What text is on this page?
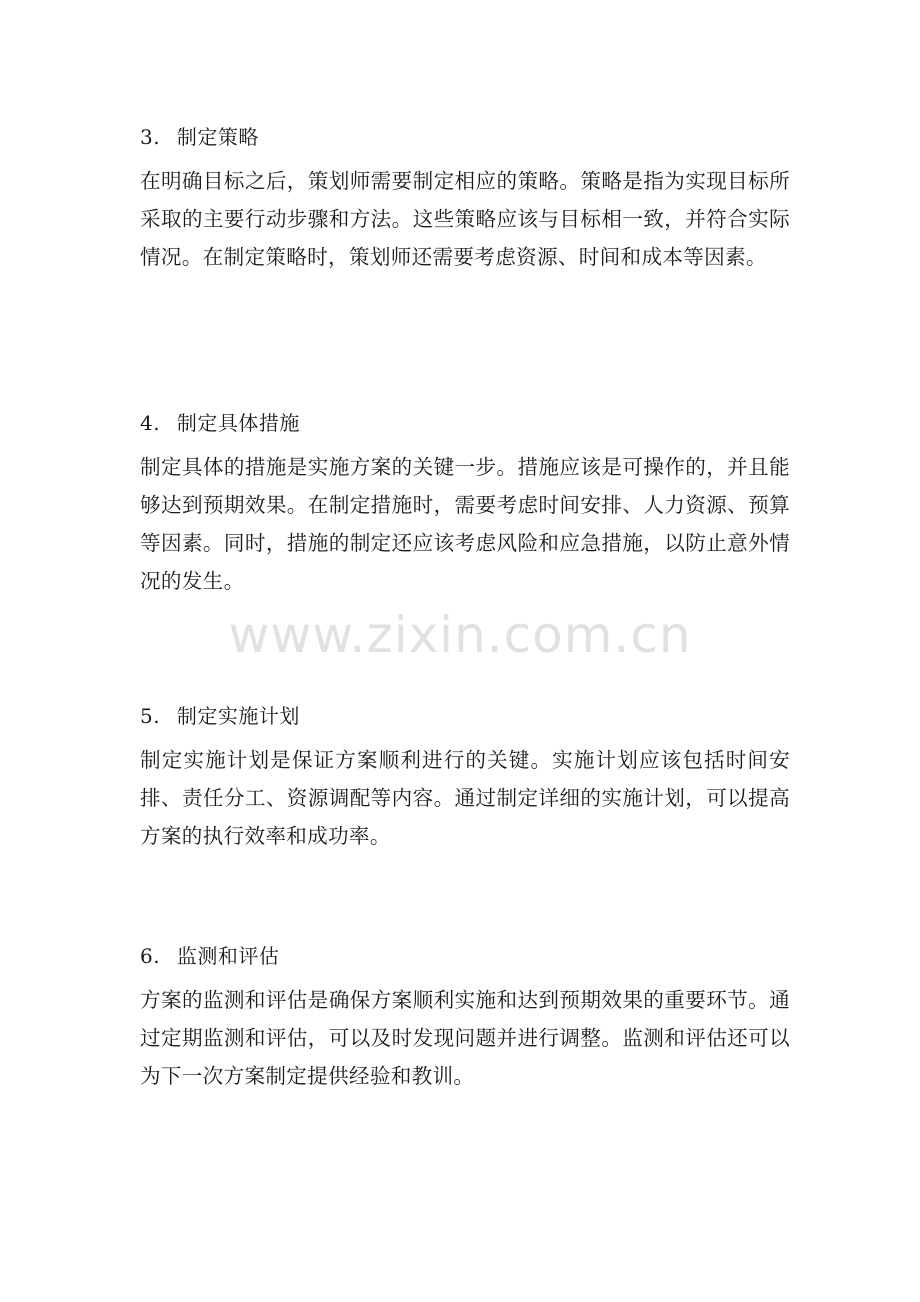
3. 制定策略

在明确目标之后，策划师需要制定相应的策略。策略是指为实现目标所采取的主要行动步骤和方法。这些策略应该与目标相一致，并符合实际情况。在制定策略时，策划师还需要考虑资源、时间和成本等因素。

4. 制定具体措施

制定具体的措施是实施方案的关键一步。措施应该是可操作的，并且能够达到预期效果。在制定措施时，需要考虑时间安排、人力资源、预算等因素。同时，措施的制定还应该考虑风险和应急措施，以防止意外情况的发生。

5. 制定实施计划

制定实施计划是保证方案顺利进行的关键。实施计划应该包括时间安排、责任分工、资源调配等内容。通过制定详细的实施计划，可以提高方案的执行效率和成功率。

6. 监测和评估

方案的监测和评估是确保方案顺利实施和达到预期效果的重要环节。通过定期监测和评估，可以及时发现问题并进行调整。监测和评估还可以为下一次方案制定提供经验和教训。

www.zixin.com.cn
